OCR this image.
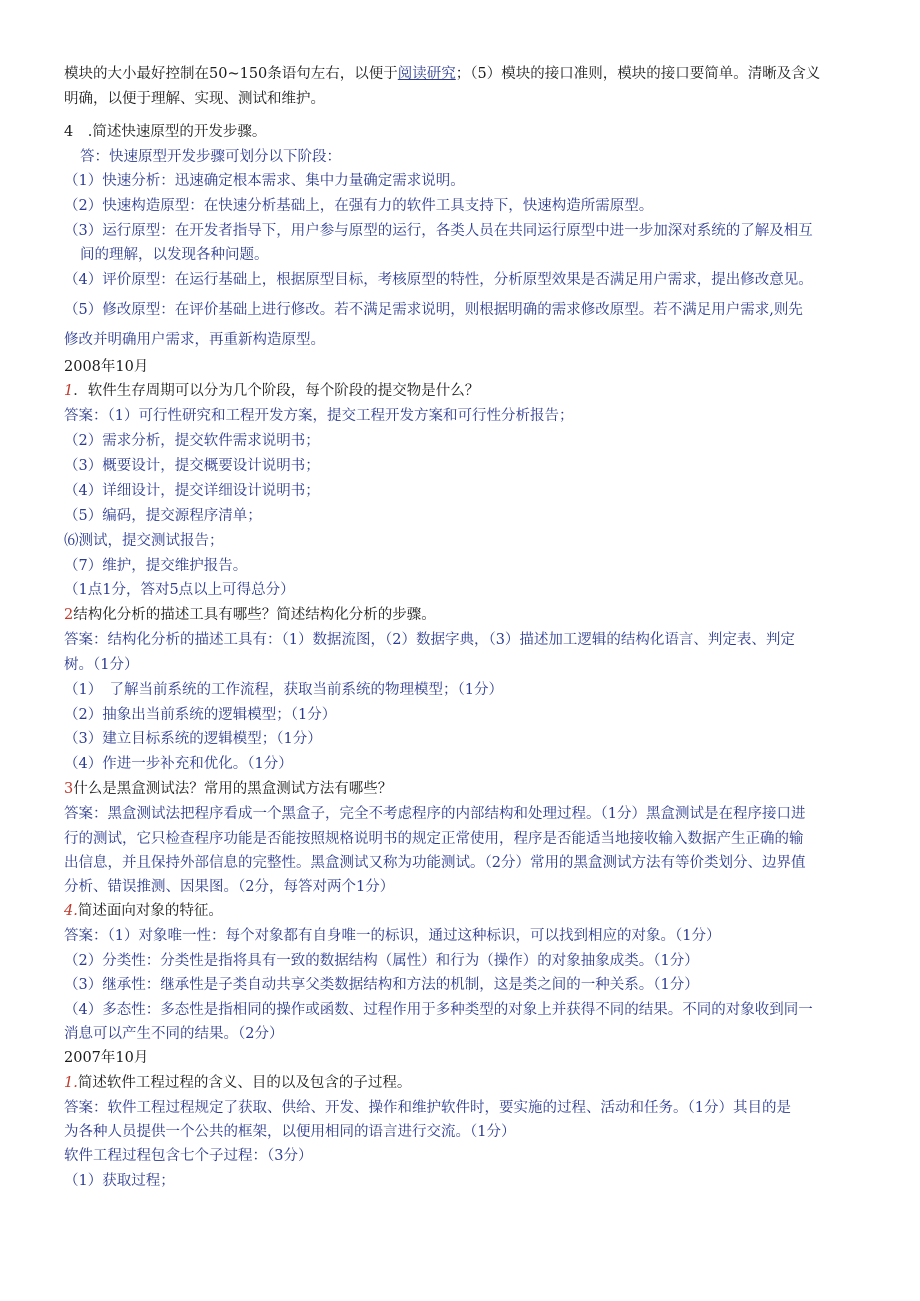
模块的大小最好控制在50~150条语句左右，以便于阅读研究；（5）模块的接口准则，模块的接口要简单。清晰及含义
明确，以便于理解、实现、测试和维护。
4　.简述快速原型的开发步骤。
答：快速原型开发步骤可划分以下阶段：
（1）快速分析：迅速确定根本需求、集中力量确定需求说明。
（2）快速构造原型：在快速分析基础上，在强有力的软件工具支持下，快速构造所需原型。
（3）运行原型：在开发者指导下，用户参与原型的运行，各类人员在共同运行原型中进一步加深对系统的了解及相互
间的理解，以发现各种问题。
（4）评价原型：在运行基础上，根据原型目标，考核原型的特性，分析原型效果是否满足用户需求，提出修改意见。
（5）修改原型：在评价基础上进行修改。若不满足需求说明，则根据明确的需求修改原型。若不满足用户需求,则先
修改并明确用户需求，再重新构造原型。
2008年10月
1．软件生存周期可以分为几个阶段，每个阶段的提交物是什么？
答案：（1）可行性研究和工程开发方案，提交工程开发方案和可行性分析报告；
（2）需求分析，提交软件需求说明书；
（3）概要设计，提交概要设计说明书；
（4）详细设计，提交详细设计说明书；
（5）编码，提交源程序清单；
⑹测试，提交测试报告；
（7）维护，提交维护报告。
（1点1分，答对5点以上可得总分）
2结构化分析的描述工具有哪些？简述结构化分析的步骤。
答案：结构化分析的描述工具有：（1）数据流图，（2）数据字典，（3）描述加工逻辑的结构化语言、判定表、判定
树。（1分）
（1）　了解当前系统的工作流程，获取当前系统的物理模型；（1分）
（2）抽象出当前系统的逻辑模型；（1分）
（3）建立目标系统的逻辑模型；（1分）
（4）作进一步补充和优化。（1分）
3什么是黑盒测试法？常用的黑盒测试方法有哪些？
答案：黑盒测试法把程序看成一个黑盒子，完全不考虑程序的内部结构和处理过程。（1分）黑盒测试是在程序接口进
行的测试，它只检查程序功能是否能按照规格说明书的规定正常使用，程序是否能适当地接收输入数据产生正确的输
出信息，并且保持外部信息的完整性。黑盒测试又称为功能测试。（2分）常用的黑盒测试方法有等价类划分、边界值
分析、错误推测、因果图。（2分，每答对两个1分）
4.简述面向对象的特征。
答案：（1）对象唯一性：每个对象都有自身唯一的标识，通过这种标识，可以找到相应的对象。（1分）
（2）分类性：分类性是指将具有一致的数据结构（属性）和行为（操作）的对象抽象成类。（1分）
（3）继承性：继承性是子类自动共享父类数据结构和方法的机制，这是类之间的一种关系。（1分）
（4）多态性：多态性是指相同的操作或函数、过程作用于多种类型的对象上并获得不同的结果。不同的对象收到同一
消息可以产生不同的结果。（2分）
2007年10月
1.简述软件工程过程的含义、目的以及包含的子过程。
答案：软件工程过程规定了获取、供给、开发、操作和维护软件时，要实施的过程、活动和任务。（1分）其目的是
为各种人员提供一个公共的框架，以便用相同的语言进行交流。（1分）
软件工程过程包含七个子过程：（3分）
（1）获取过程；
